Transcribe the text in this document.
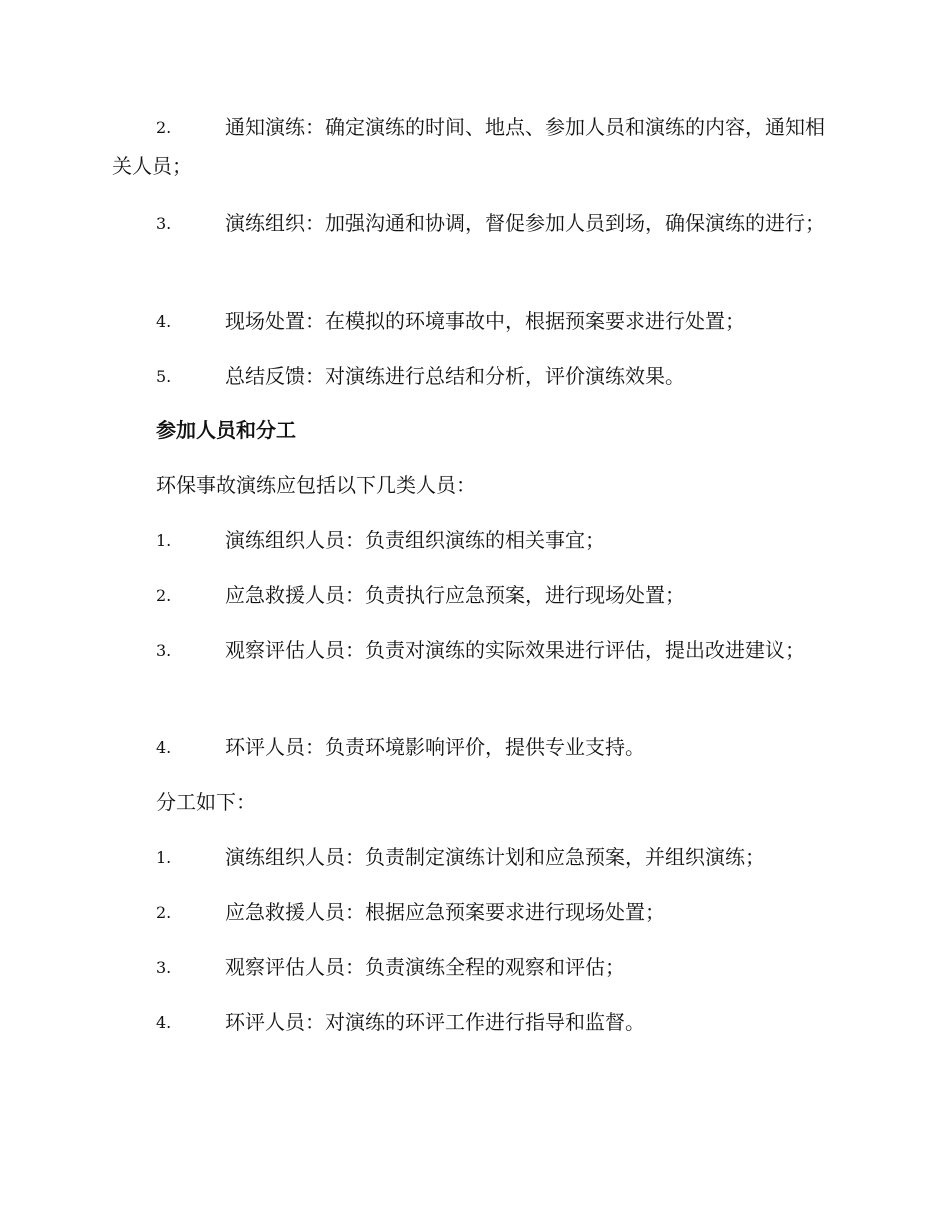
2.	通知演练：确定演练的时间、地点、参加人员和演练的内容，通知相关人员；
3.	演练组织：加强沟通和协调，督促参加人员到场，确保演练的进行；
4.	现场处置：在模拟的环境事故中，根据预案要求进行处置；
5.	总结反馈：对演练进行总结和分析，评价演练效果。
参加人员和分工
环保事故演练应包括以下几类人员：
1.	演练组织人员：负责组织演练的相关事宜；
2.	应急救援人员：负责执行应急预案，进行现场处置；
3.	观察评估人员：负责对演练的实际效果进行评估，提出改进建议；
4.	环评人员：负责环境影响评价，提供专业支持。
分工如下：
1.	演练组织人员：负责制定演练计划和应急预案，并组织演练；
2.	应急救援人员：根据应急预案要求进行现场处置；
3.	观察评估人员：负责演练全程的观察和评估；
4.	环评人员：对演练的环评工作进行指导和监督。
